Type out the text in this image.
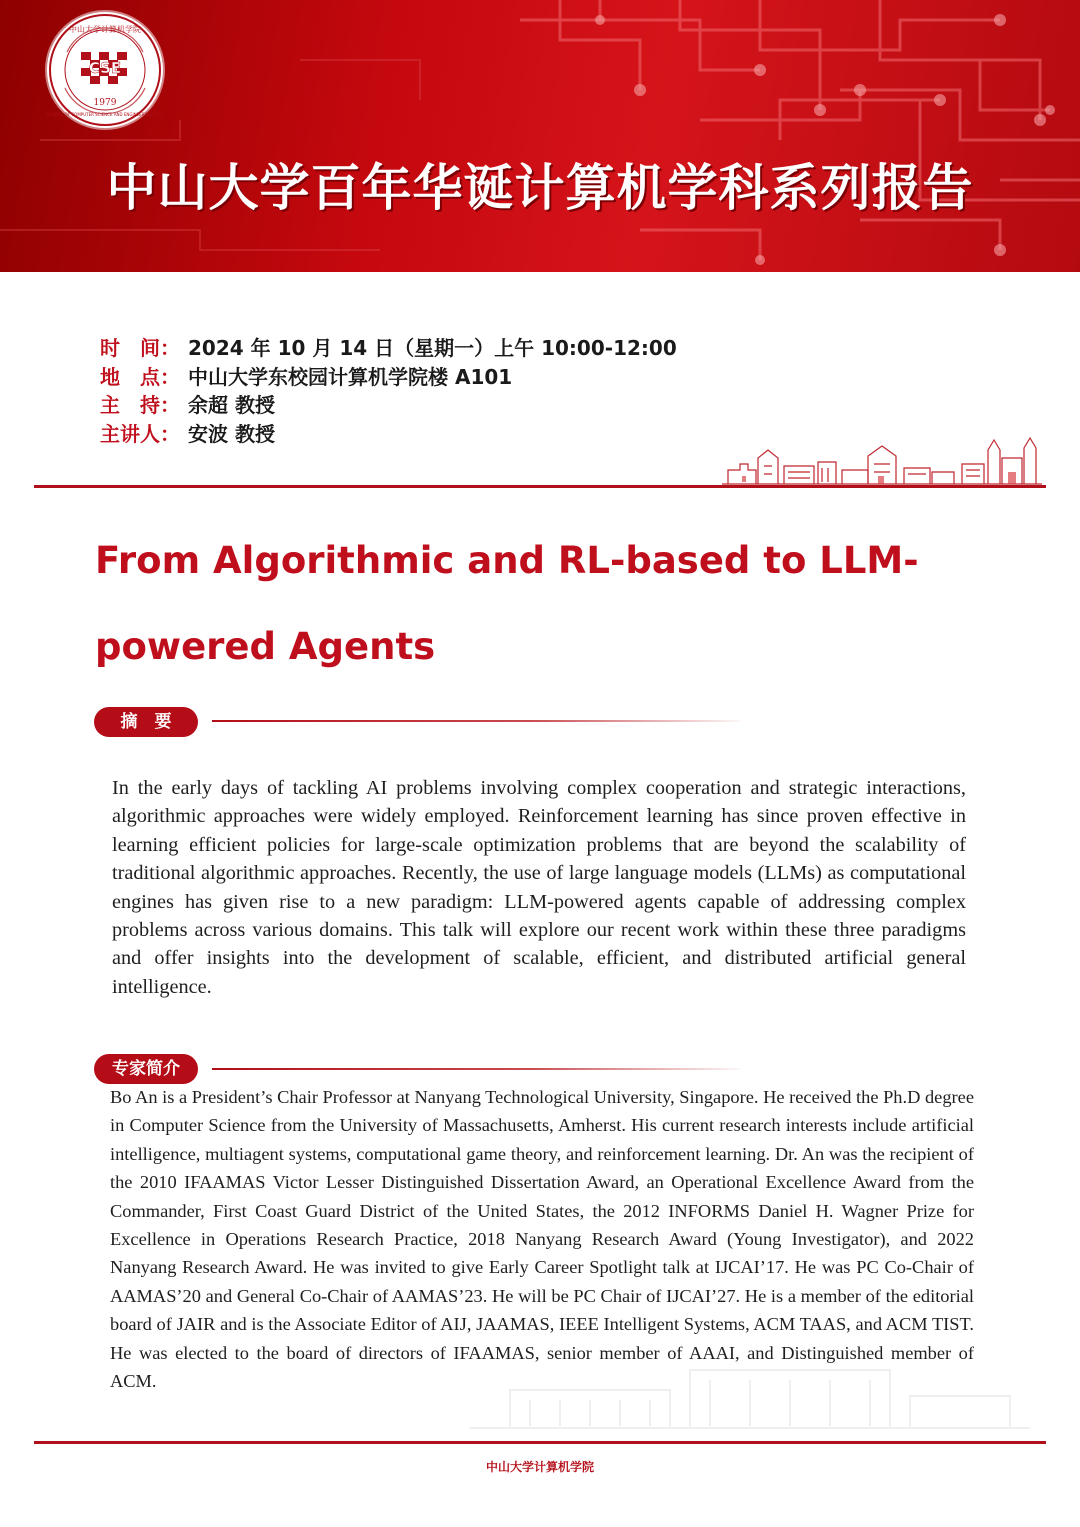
CSE
中山大学计算机学院
SCHOOL OF COMPUTER SCIENCE AND ENGINEERING SYSU
1979
中山大学百年华诞计算机学科系列报告
时　间： 2024 年 10 月 14 日（星期一）上午 10:00-12:00
地　点： 中山大学东校园计算机学院楼 A101
主　持： 余超 教授
主讲人： 安波 教授
From Algorithmic and RL-based to LLM-powered Agents
摘　要
In the early days of tackling AI problems involving complex cooperation and strategic interactions, algorithmic approaches were widely employed. Reinforcement learning has since proven effective in learning efficient policies for large-scale optimization problems that are beyond the scalability of traditional algorithmic approaches. Recently, the use of large language models (LLMs) as computational engines has given rise to a new paradigm: LLM-powered agents capable of addressing complex problems across various domains. This talk will explore our recent work within these three paradigms and offer insights into the development of scalable, efficient, and distributed artificial general intelligence.
专家简介
Bo An is a President’s Chair Professor at Nanyang Technological University, Singapore. He received the Ph.D degree in Computer Science from the University of Massachusetts, Amherst. His current research interests include artificial intelligence, multiagent systems, computational game theory, and reinforcement learning. Dr. An was the recipient of the 2010 IFAAMAS Victor Lesser Distinguished Dissertation Award, an Operational Excellence Award from the Commander, First Coast Guard District of the United States, the 2012 INFORMS Daniel H. Wagner Prize for Excellence in Operations Research Practice, 2018 Nanyang Research Award (Young Investigator), and 2022 Nanyang Research Award. He was invited to give Early Career Spotlight talk at IJCAI’17. He was PC Co-Chair of AAMAS’20 and General Co-Chair of AAMAS’23. He will be PC Chair of IJCAI’27. He is a member of the editorial board of JAIR and is the Associate Editor of AIJ, JAAMAS, IEEE Intelligent Systems, ACM TAAS, and ACM TIST. He was elected to the board of directors of IFAAMAS, senior member of AAAI, and Distinguished member of ACM.
中山大学计算机学院
